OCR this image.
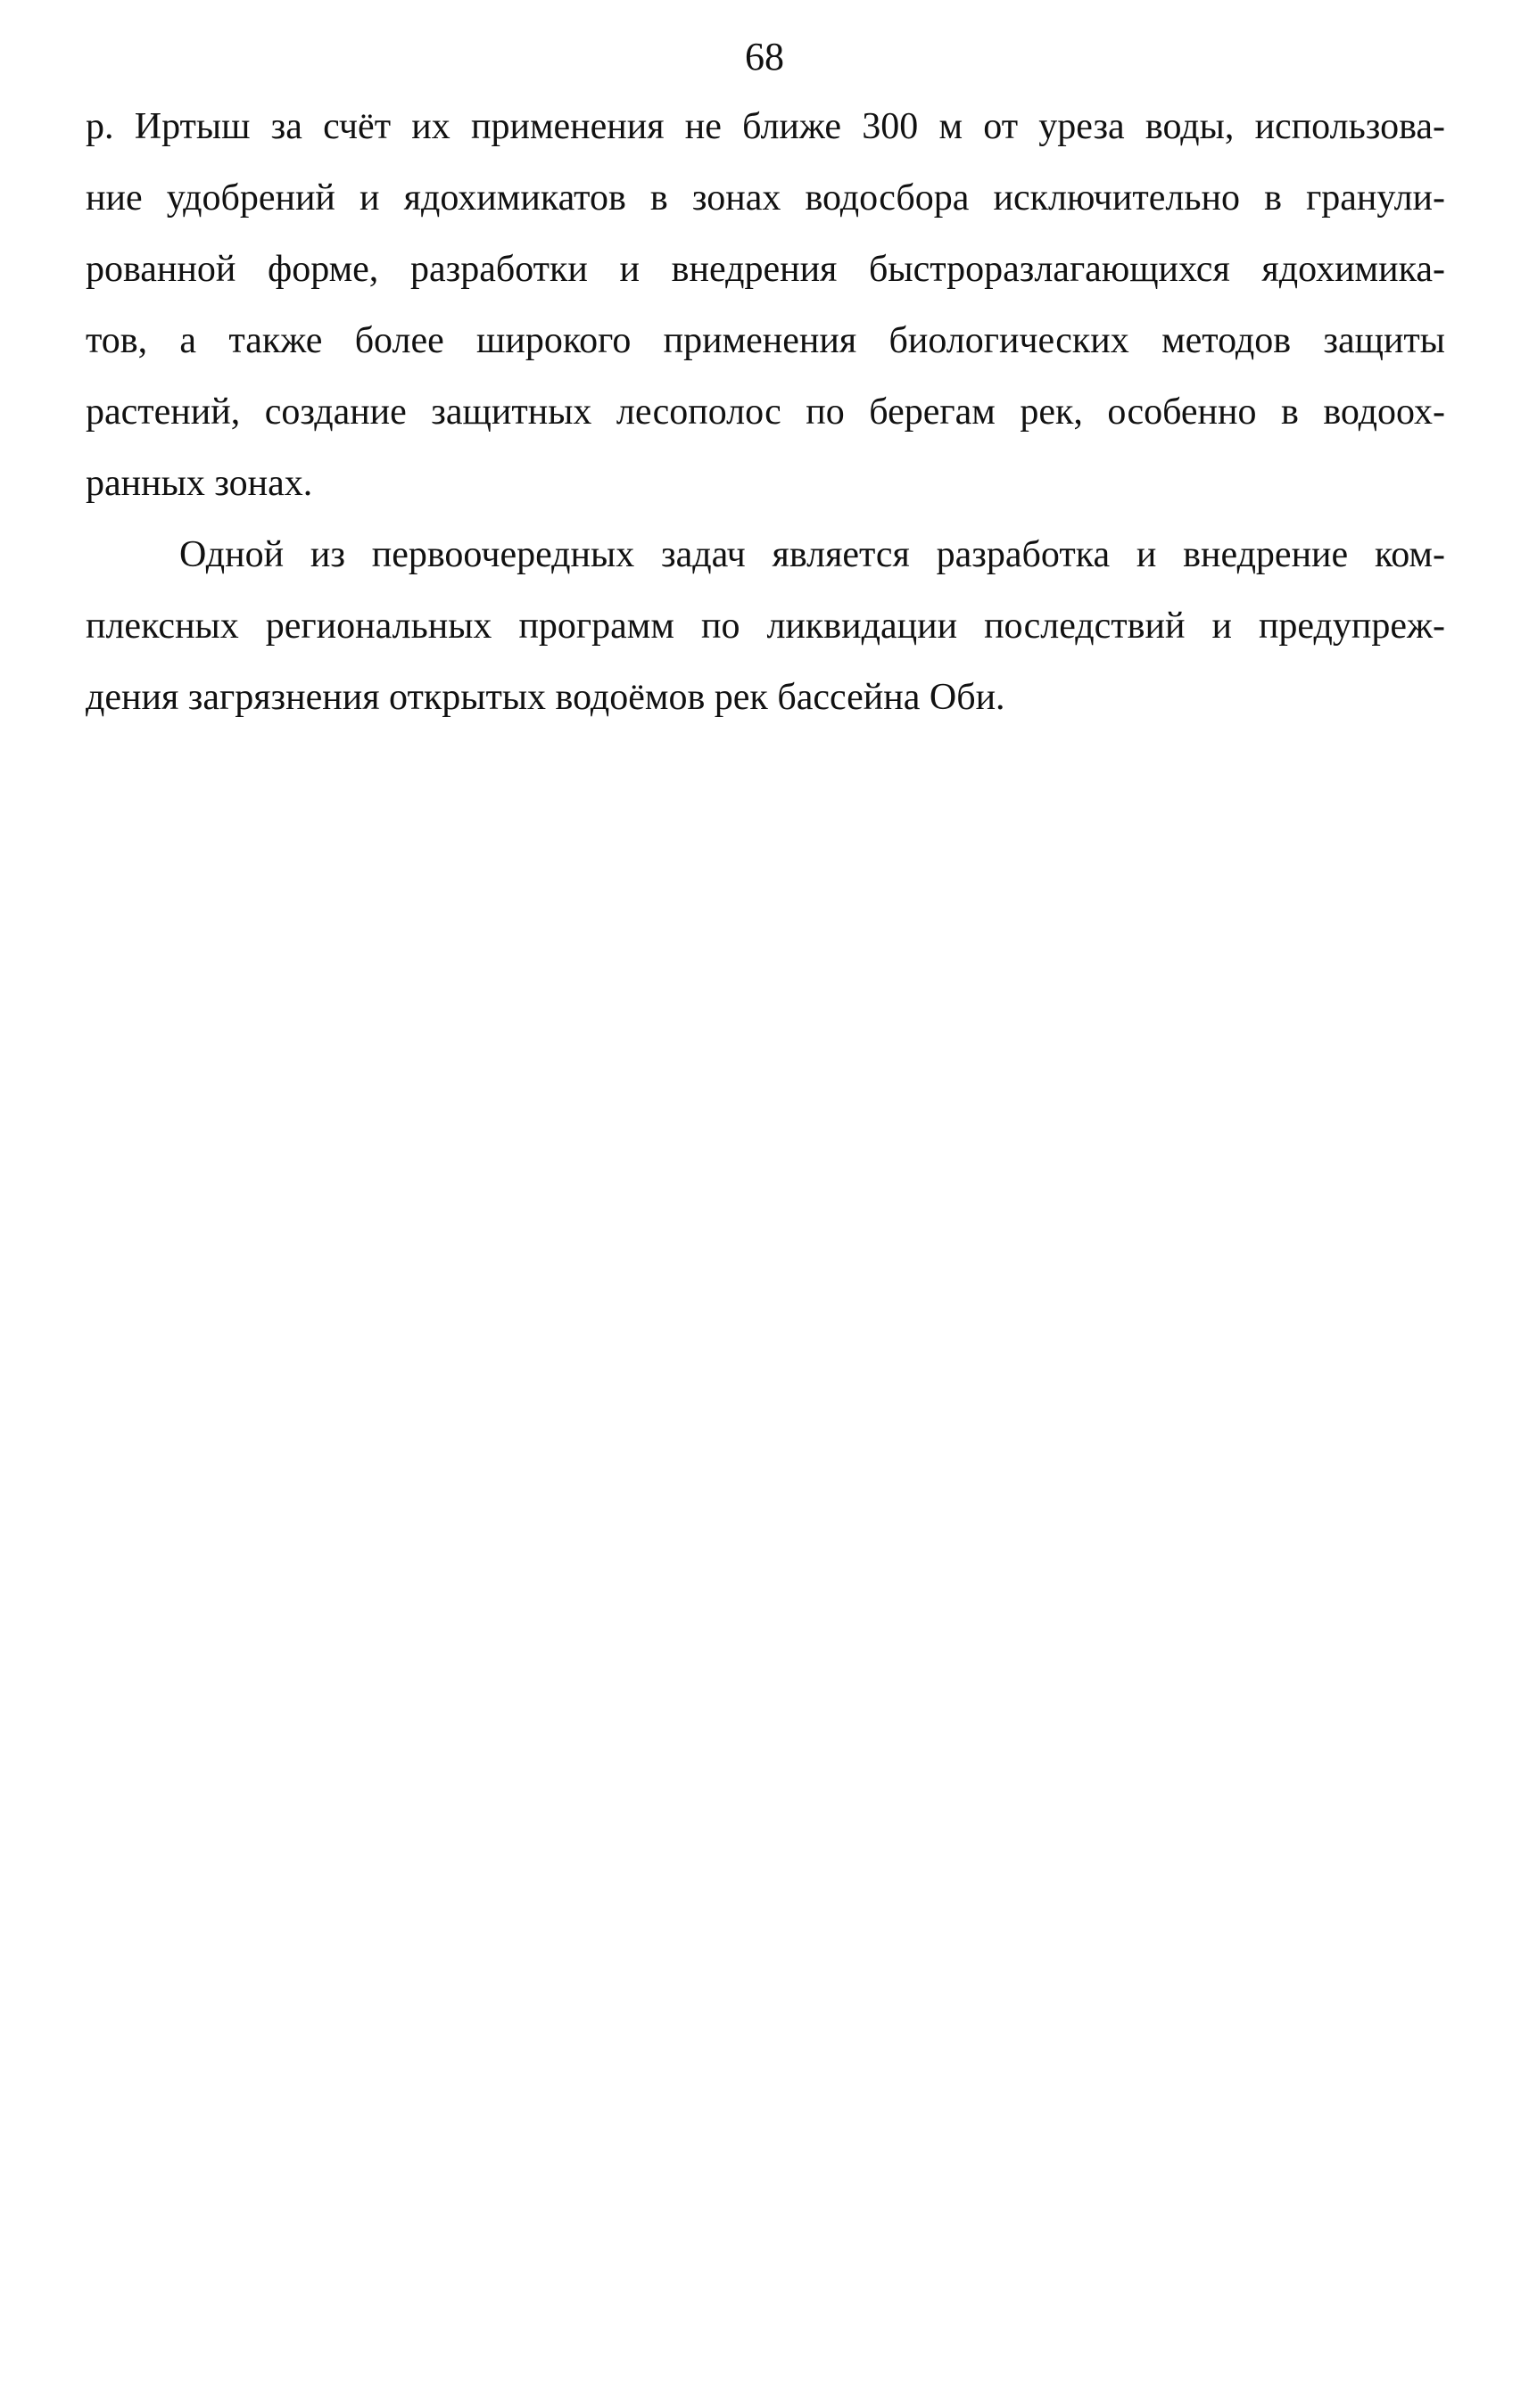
68
р. Иртыш за счёт их применения не ближе 300 м от уреза воды, использова-
ние удобрений и ядохимикатов в зонах водосбора исключительно в гранули-
рованной форме, разработки и внедрения быстроразлагающихся ядохимика-
тов, а также более широкого применения биологических методов защиты
растений, создание защитных лесополос по берегам рек, особенно в водоох-
ранных зонах.
Одной из первоочередных задач является разработка и внедрение ком-
плексных региональных программ по ликвидации последствий и предупреж-
дения загрязнения открытых водоёмов рек бассейна Оби.
